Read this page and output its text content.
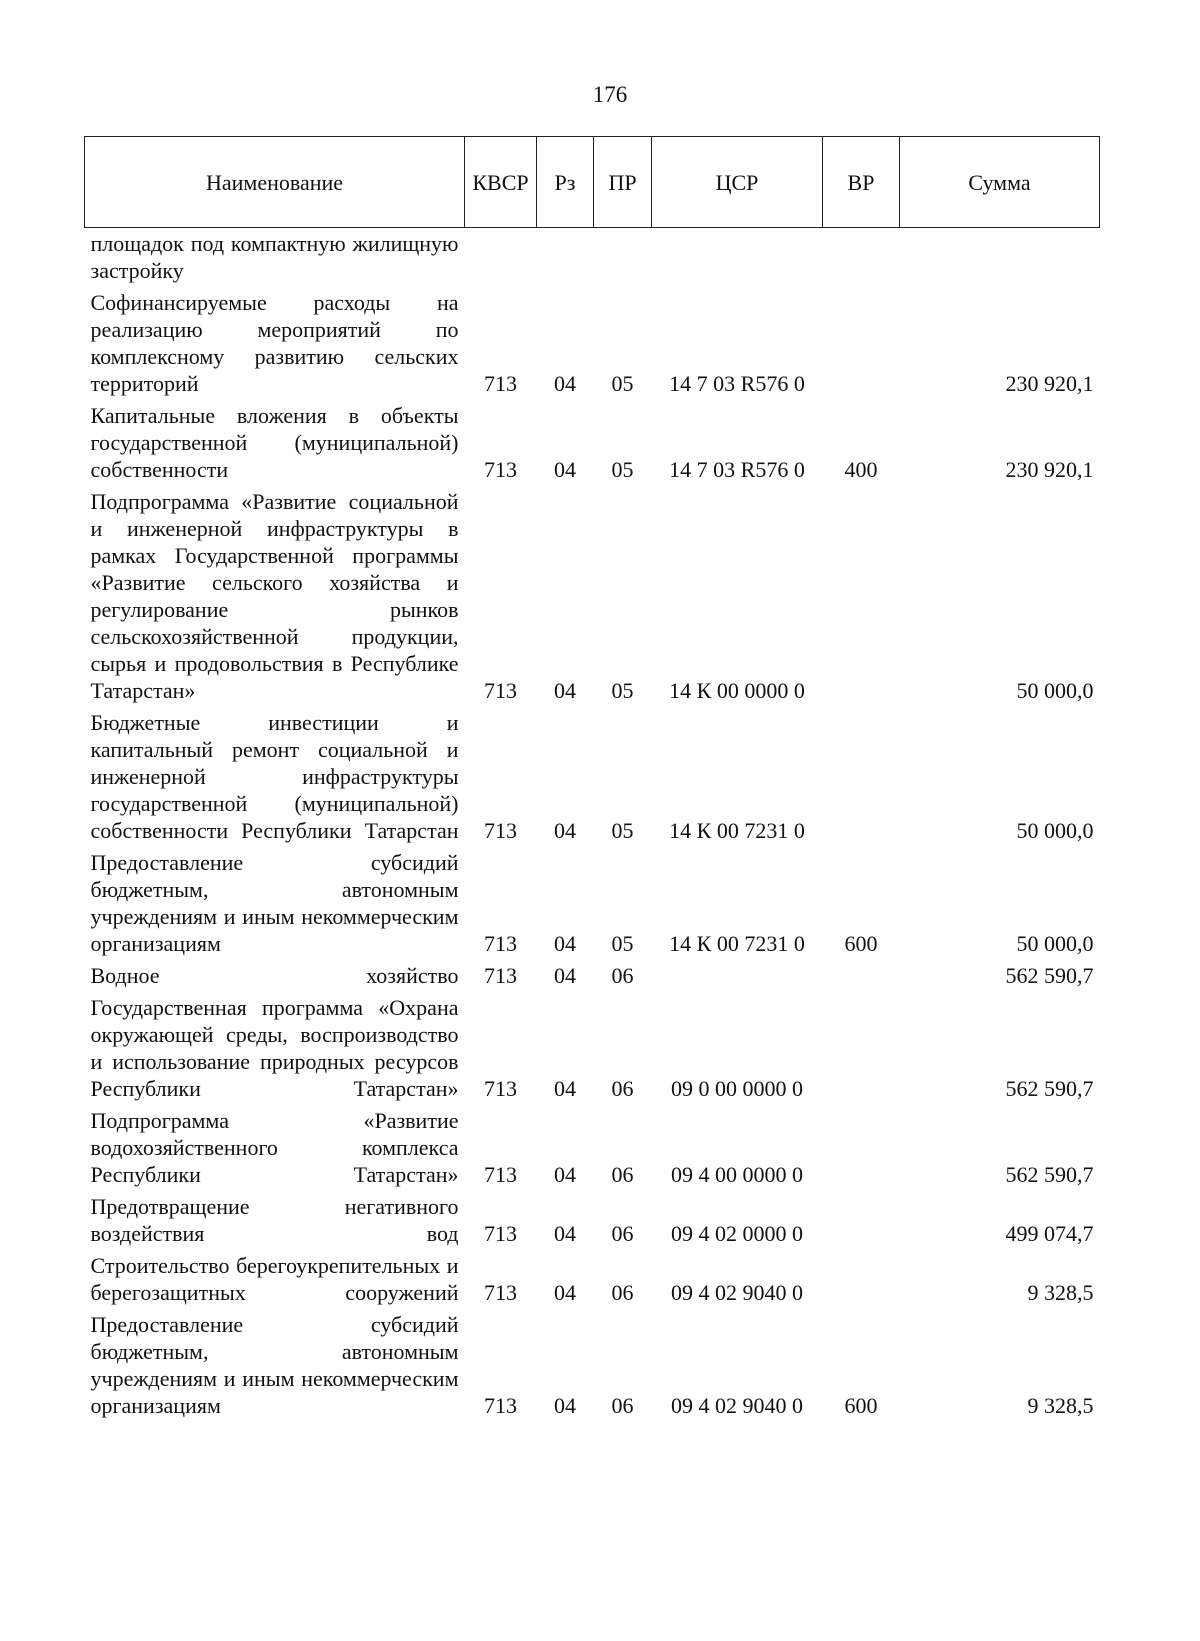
176
Наименование	КВСР	Рз	ПР	ЦСР	ВР	Сумма
площадок под компактную жилищную застройку						
Софинансируемые расходы на реализацию мероприятий по комплексному развитию сельских территорий	713	04	05	14 7 03 R576 0		230 920,1
Капитальные вложения в объекты государственной (муниципальной) собственности	713	04	05	14 7 03 R576 0	400	230 920,1
Подпрограмма «Развитие социальной и инженерной инфраструктуры в рамках Государственной программы «Развитие сельского хозяйства и регулирование рынков сельскохозяйственной продукции, сырья и продовольствия в Республике Татарстан»	713	04	05	14 К 00 0000 0		50 000,0
Бюджетные инвестиции и капитальный ремонт социальной и инженерной инфраструктуры государственной (муниципальной) собственности Республики Татарстан	713	04	05	14 К 00 7231 0		50 000,0
Предоставление субсидий бюджетным, автономным учреждениям и иным некоммерческим организациям	713	04	05	14 К 00 7231 0	600	50 000,0
Водное хозяйство	713	04	06			562 590,7
Государственная программа «Охрана окружающей среды, воспроизводство и использование природных ресурсов Республики Татарстан»	713	04	06	09 0 00 0000 0		562 590,7
Подпрограмма «Развитие водохозяйственного комплекса Республики Татарстан»	713	04	06	09 4 00 0000 0		562 590,7
Предотвращение негативного воздействия вод	713	04	06	09 4 02 0000 0		499 074,7
Строительство берегоукрепительных и берегозащитных сооружений	713	04	06	09 4 02 9040 0		9 328,5
Предоставление субсидий бюджетным, автономным учреждениям и иным некоммерческим организациям	713	04	06	09 4 02 9040 0	600	9 328,5
